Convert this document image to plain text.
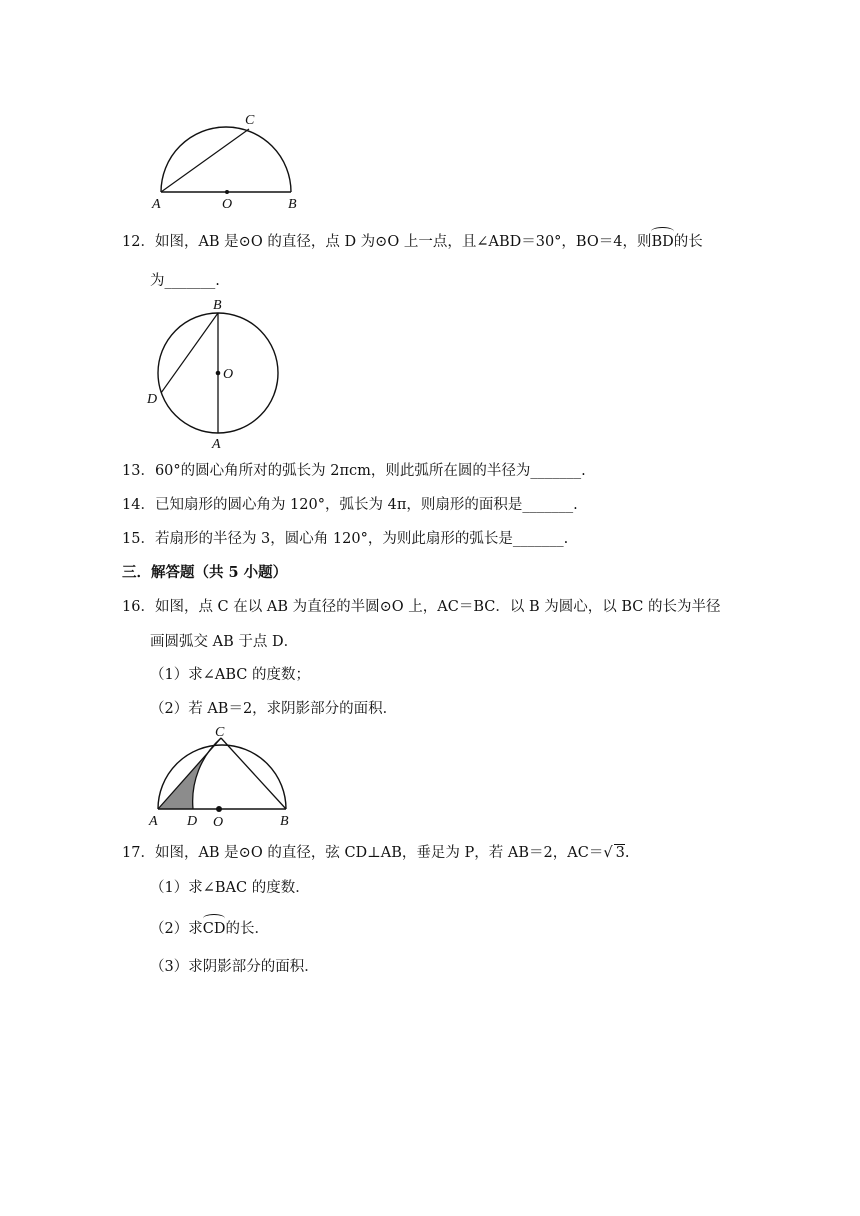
C
A	O	B
12．如图，AB 是⊙O 的直径，点 D 为⊙O 上一点，且∠ABD＝30°，BO＝4，则BD的长
为_______.
B
O
D
A
13．60°的圆心角所对的弧长为 2πcm，则此弧所在圆的半径为_______.
14．已知扇形的圆心角为 120°，弧长为 4π，则扇形的面积是_______.
15．若扇形的半径为 3，圆心角 120°，为则此扇形的弧长是_______.
三．解答题（共 5 小题）
16．如图，点 C 在以 AB 为直径的半圆⊙O 上，AC＝BC．以 B 为圆心，以 BC 的长为半径
画圆弧交 AB 于点 D．
（1）求∠ABC 的度数；
（2）若 AB＝2，求阴影部分的面积．
C
A D O	B
17．如图，AB 是⊙O 的直径，弦 CD⊥AB，垂足为 P，若 AB＝2，AC＝√ 3.
（1）求∠BAC 的度数．
（2）求CD的长．
（3）求阴影部分的面积．
